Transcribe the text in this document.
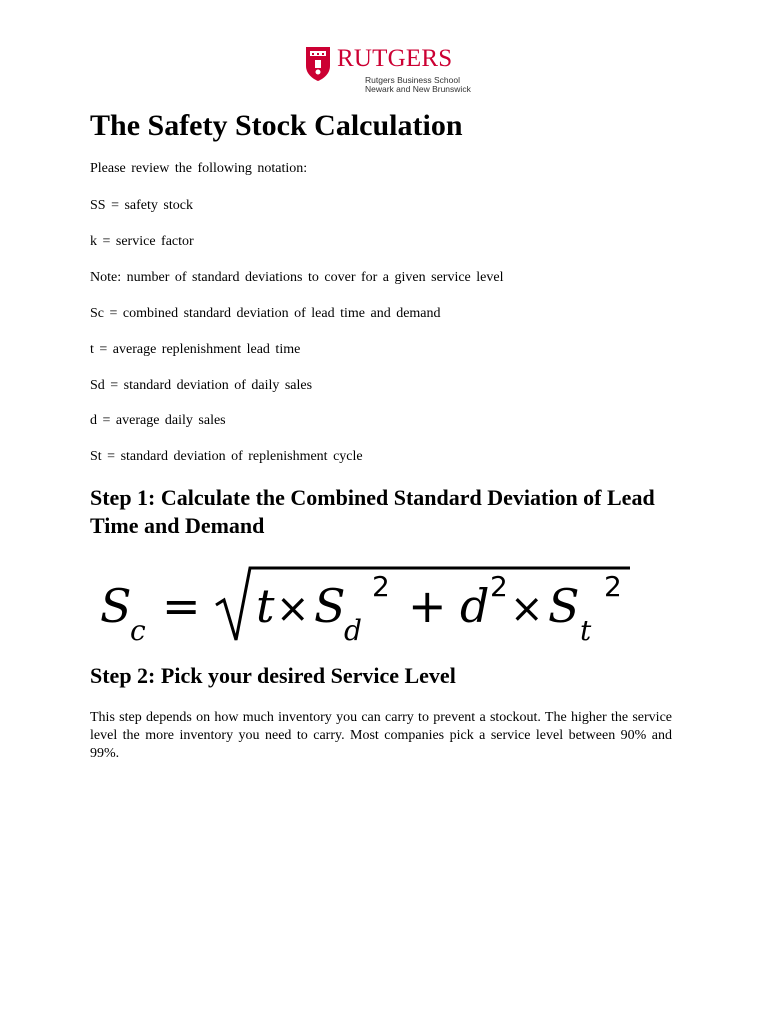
RUTGERS
Rutgers Business School
Newark and New Brunswick
The Safety Stock Calculation

Please review the following notation:

SS = safety stock

k = service factor

Note: number of standard deviations to cover for a given service level

Sc = combined standard deviation of lead time and demand

t = average replenishment lead time

Sd = standard deviation of daily sales

d = average daily sales

St = standard deviation of replenishment cycle

Step 1: Calculate the Combined Standard Deviation of Lead Time and Demand
S
c = t × S
d
2 + d 2 × S t
2
Step 2: Pick your desired Service Level

This step depends on how much inventory you can carry to prevent a stockout. The higher the service level the more inventory you need to carry. Most companies pick a service level between 90% and 99%.
